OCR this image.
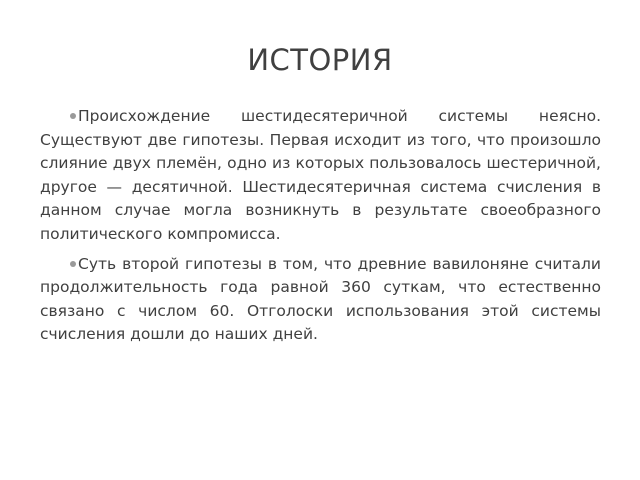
ИСТОРИЯ
Происхождение шестидесятеричной системы неясно. Существуют две гипотезы. Первая исходит из того, что произошло слияние двух племён, одно из которых пользовалось шестеричной, другое — десятичной. Шестидесятеричная система счисления в данном случае могла возникнуть в результате своеобразного политического компромисса.
Суть второй гипотезы в том, что древние вавилоняне считали продолжительность года равной 360 суткам, что естественно связано с числом 60. Отголоски использования этой системы счисления дошли до наших дней.
